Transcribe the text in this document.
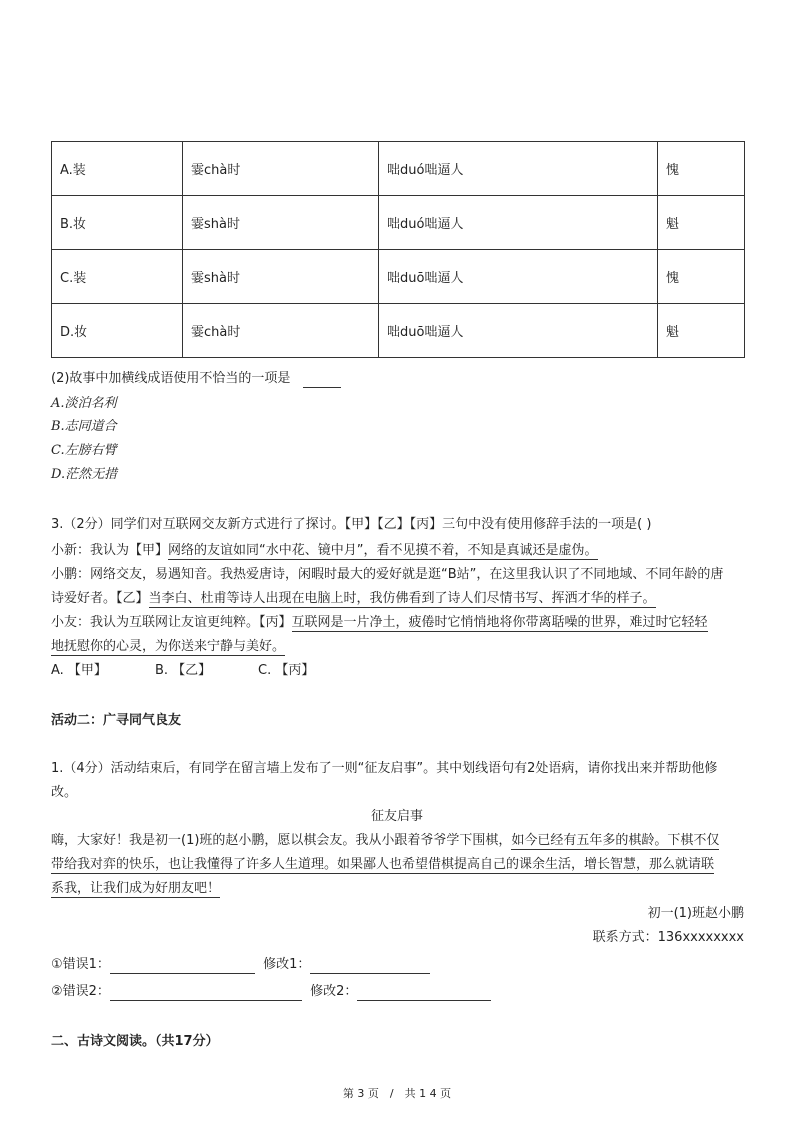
A.装	霎chà时	咄duó咄逼人	愧
B.妆	霎shà时	咄duó咄逼人	魁
C.装	霎shà时	咄duō咄逼人	愧
D.妆	霎chà时	咄duō咄逼人	魁
(2)故事中加横线成语使用不恰当的一项是　
A.淡泊名利
B.志同道合
C.左膀右臂
D.茫然无措
3.（2分）同学们对互联网交友新方式进行了探讨。【甲】【乙】【丙】三句中没有使用修辞手法的一项是( )
小新：我认为【甲】网络的友谊如同“水中花、镜中月”，看不见摸不着，不知是真诚还是虚伪。
小鹏：网络交友，易遇知音。我热爱唐诗，闲暇时最大的爱好就是逛“B站”，在这里我认识了不同地域、不同年龄的唐
诗爱好者。【乙】当李白、杜甫等诗人出现在电脑上时，我仿佛看到了诗人们尽情书写、挥洒才华的样子。
小友：我认为互联网让友谊更纯粹。【丙】互联网是一片净土，疲倦时它悄悄地将你带离聒噪的世界，难过时它轻轻
地抚慰你的心灵，为你送来宁静与美好。
A. 【甲】	B. 【乙】	C. 【丙】
活动二：广寻同气良友
1.（4分）活动结束后，有同学在留言墙上发布了一则“征友启事”。其中划线语句有2处语病，请你找出来并帮助他修
改。
征友启事
嗨，大家好！我是初一(1)班的赵小鹏，愿以棋会友。我从小跟着爷爷学下围棋，如今已经有五年多的棋龄。下棋不仅
带给我对弈的快乐，也让我懂得了许多人生道理。如果鄙人也希望借棋提高自己的课余生活，增长智慧，那么就请联
系我，让我们成为好朋友吧！
初一(1)班赵小鹏
联系方式：136xxxxxxxx
①错误1：	修改1：
②错误2：	修改2：
二、古诗文阅读。（共17分）
第 3 页　/　共 1 4 页
